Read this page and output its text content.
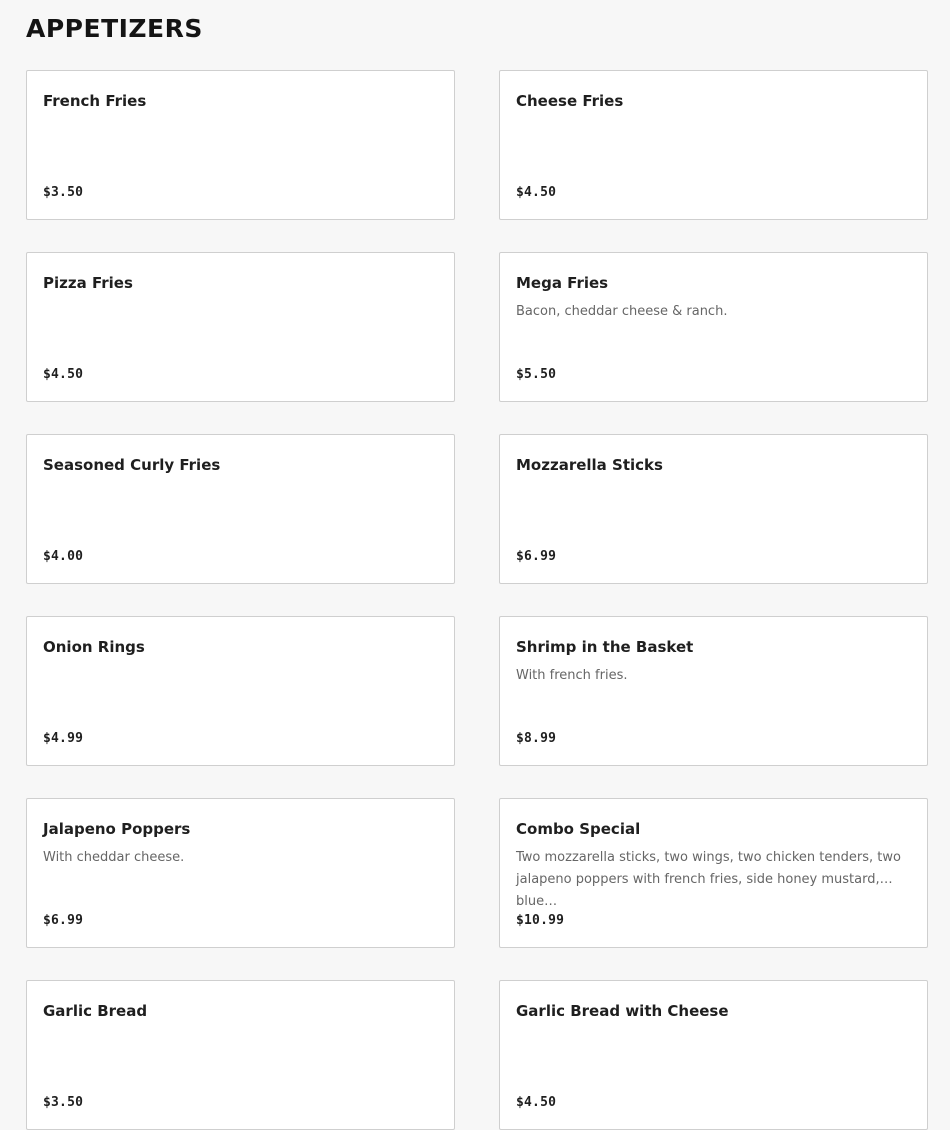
APPETIZERS
French Fries
$3.50
Cheese Fries
$4.50
Pizza Fries
$4.50
Mega Fries
Bacon, cheddar cheese & ranch.
$5.50
Seasoned Curly Fries
$4.00
Mozzarella Sticks
$6.99
Onion Rings
$4.99
Shrimp in the Basket
With french fries.
$8.99
Jalapeno Poppers
With cheddar cheese.
$6.99
Combo Special
Two mozzarella sticks, two wings, two chicken tenders, two jalapeno poppers with french fries, side honey mustard, blue…
$10.99
Garlic Bread
$3.50
Garlic Bread with Cheese
$4.50
